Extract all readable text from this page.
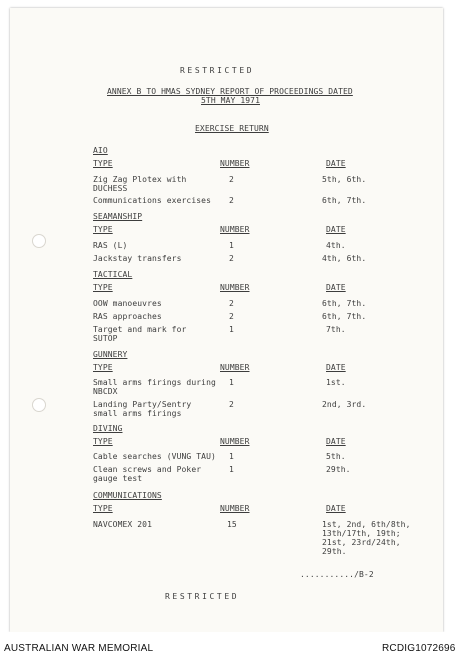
RESTRICTED
ANNEX B TO HMAS SYDNEY REPORT OF PROCEEDINGS DATED
5TH MAY 1971
EXERCISE RETURN
AIO
TYPE	NUMBER	DATE
Zig Zag Plotex with
DUCHESS
2	5th, 6th.
Communications exercises 2	6th, 7th.
SEAMANSHIP
TYPE	NUMBER	DATE
RAS (L)	1	4th.
Jackstay transfers	2	4th, 6th.
TACTICAL
TYPE	NUMBER	DATE
OOW manoeuvres	2	6th, 7th.
RAS approaches	2	6th, 7th.
Target and mark for
SUTOP
1	7th.
GUNNERY
TYPE	NUMBER	DATE
Small arms firings during
NBCDX
1	1st.
Landing Party/Sentry
small arms firings
2	2nd, 3rd.
DIVING
TYPE	NUMBER	DATE
Cable searches (VUNG TAU) 1	5th.
Clean screws and Poker
gauge test
1	29th.
COMMUNICATIONS
TYPE	NUMBER	DATE
NAVCOMEX 201	15	1st, 2nd, 6th/8th,
13th/17th, 19th;
21st, 23rd/24th,
29th.
.........../B-2
RESTRICTED
AUSTRALIAN WAR MEMORIAL	RCDIG1072696
